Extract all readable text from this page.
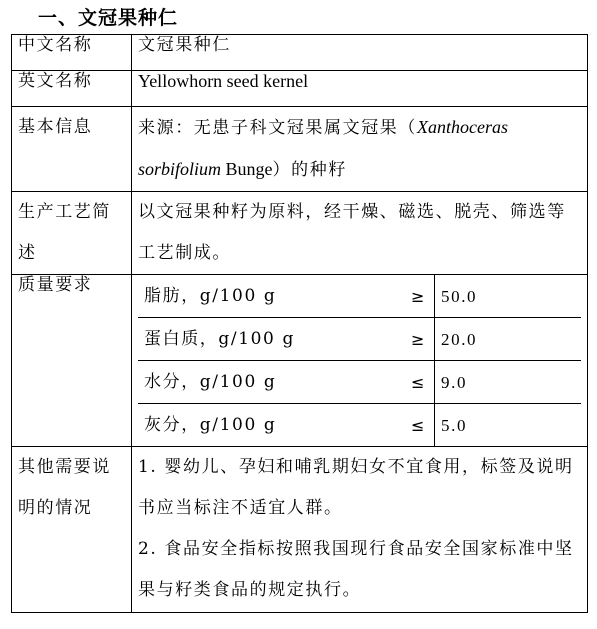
一、文冠果种仁
中文名称	文冠果种仁
英文名称	Yellowhorn seed kernel
基本信息	来源：无患子科文冠果属文冠果（Xanthoceras
sorbifolium Bunge）的种籽
生产工艺简述	以文冠果种籽为原料，经干燥、磁选、脱壳、筛选等工艺制成。
质量要求	
脂肪，g/100 g	≥	50.0
蛋白质，g/100 g	≥	20.0
水分，g/100 g	≤	9.0
灰分，g/100 g	≤	5.0

其他需要说明的情况	
1. 婴幼儿、孕妇和哺乳期妇女不宜食用，标签及说明书应当标注不适宜人群。
2. 食品安全指标按照我国现行食品安全国家标准中坚果与籽类食品的规定执行。
